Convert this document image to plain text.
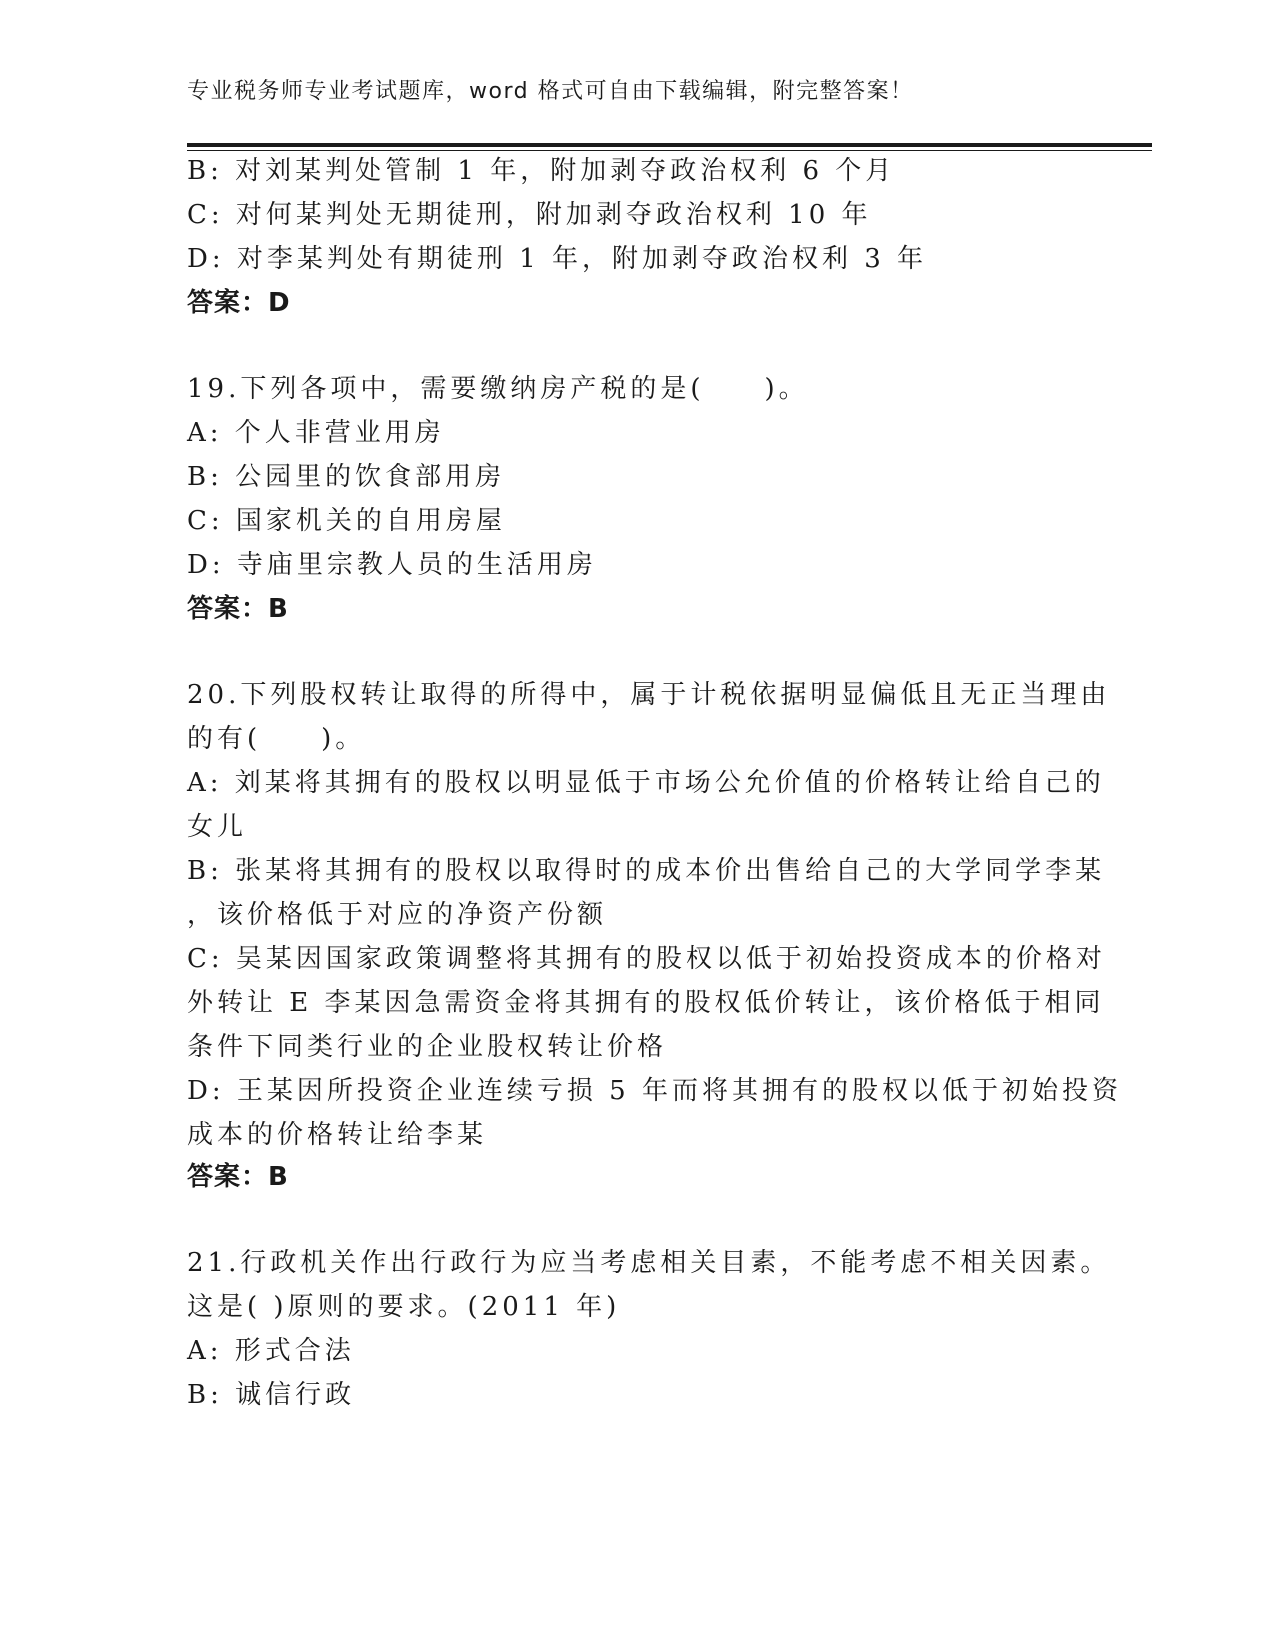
专业税务师专业考试题库，word 格式可自由下载编辑，附完整答案！
B: 对刘某判处管制 1 年，附加剥夺政治权利 6 个月
C: 对何某判处无期徒刑，附加剥夺政治权利 10 年
D: 对李某判处有期徒刑 1 年，附加剥夺政治权利 3 年
答案：D
19.下列各项中，需要缴纳房产税的是(　　)。
A: 个人非营业用房
B: 公园里的饮食部用房
C: 国家机关的自用房屋
D: 寺庙里宗教人员的生活用房
答案：B
20.下列股权转让取得的所得中，属于计税依据明显偏低且无正当理由
的有(　　)。
A: 刘某将其拥有的股权以明显低于市场公允价值的价格转让给自己的
女儿
B: 张某将其拥有的股权以取得时的成本价出售给自己的大学同学李某
，该价格低于对应的净资产份额
C: 吴某因国家政策调整将其拥有的股权以低于初始投资成本的价格对
外转让 E 李某因急需资金将其拥有的股权低价转让，该价格低于相同
条件下同类行业的企业股权转让价格
D: 王某因所投资企业连续亏损 5 年而将其拥有的股权以低于初始投资
成本的价格转让给李某
答案：B
21.行政机关作出行政行为应当考虑相关目素，不能考虑不相关因素。
这是( )原则的要求。(2011 年)
A: 形式合法
B: 诚信行政
